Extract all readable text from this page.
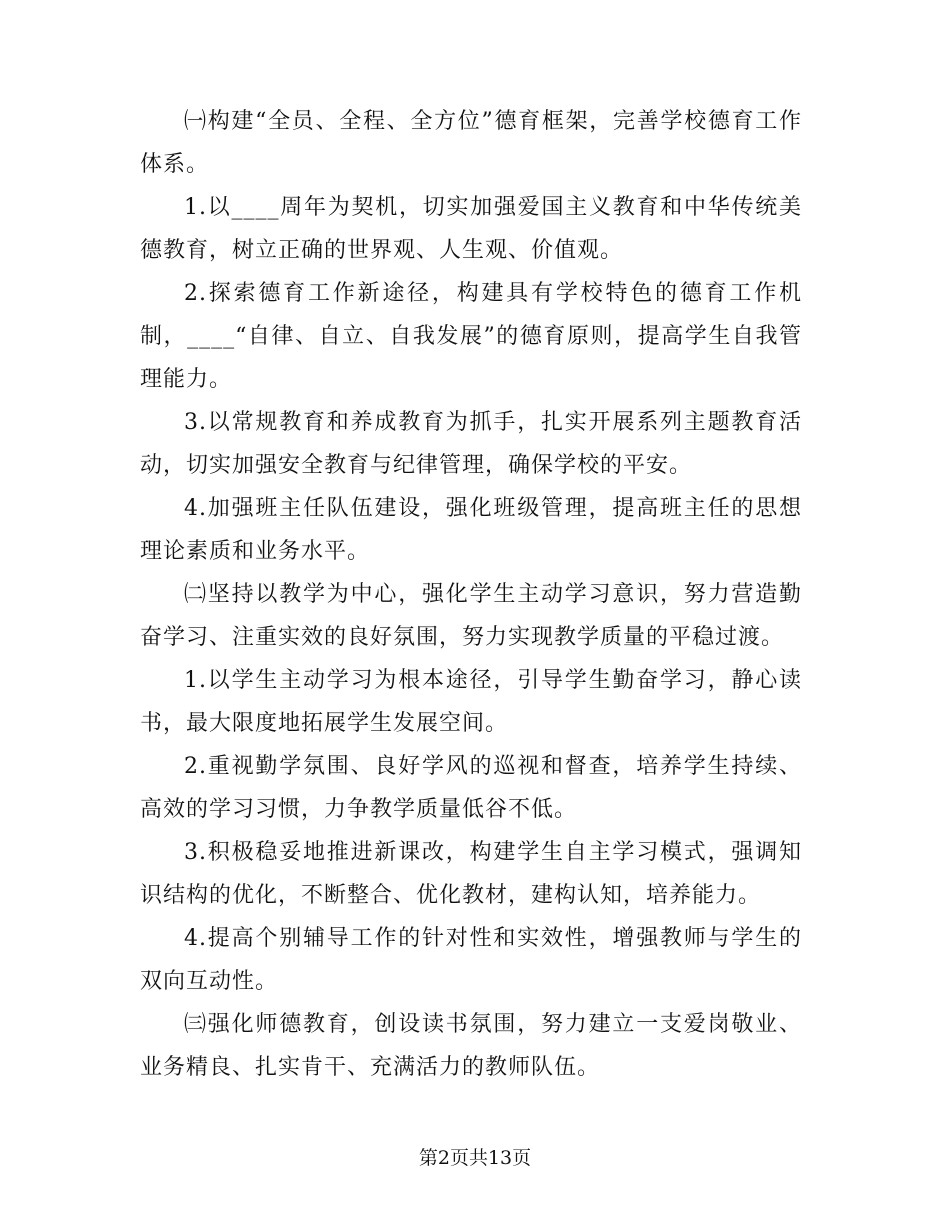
㈠构建“全员、全程、全方位”德育框架，完善学校德育工作体系。

1.以____周年为契机，切实加强爱国主义教育和中华传统美德教育，树立正确的世界观、人生观、价值观。

2.探索德育工作新途径，构建具有学校特色的德育工作机制，____“自律、自立、自我发展”的德育原则，提高学生自我管理能力。

3.以常规教育和养成教育为抓手，扎实开展系列主题教育活动，切实加强安全教育与纪律管理，确保学校的平安。

4.加强班主任队伍建设，强化班级管理，提高班主任的思想理论素质和业务水平。

㈡坚持以教学为中心，强化学生主动学习意识，努力营造勤奋学习、注重实效的良好氛围，努力实现教学质量的平稳过渡。

1.以学生主动学习为根本途径，引导学生勤奋学习，静心读书，最大限度地拓展学生发展空间。

2.重视勤学氛围、良好学风的巡视和督查，培养学生持续、高效的学习习惯，力争教学质量低谷不低。

3.积极稳妥地推进新课改，构建学生自主学习模式，强调知识结构的优化，不断整合、优化教材，建构认知，培养能力。

4.提高个别辅导工作的针对性和实效性，增强教师与学生的双向互动性。

㈢强化师德教育，创设读书氛围，努力建立一支爱岗敬业、业务精良、扎实肯干、充满活力的教师队伍。

第2页共13页
